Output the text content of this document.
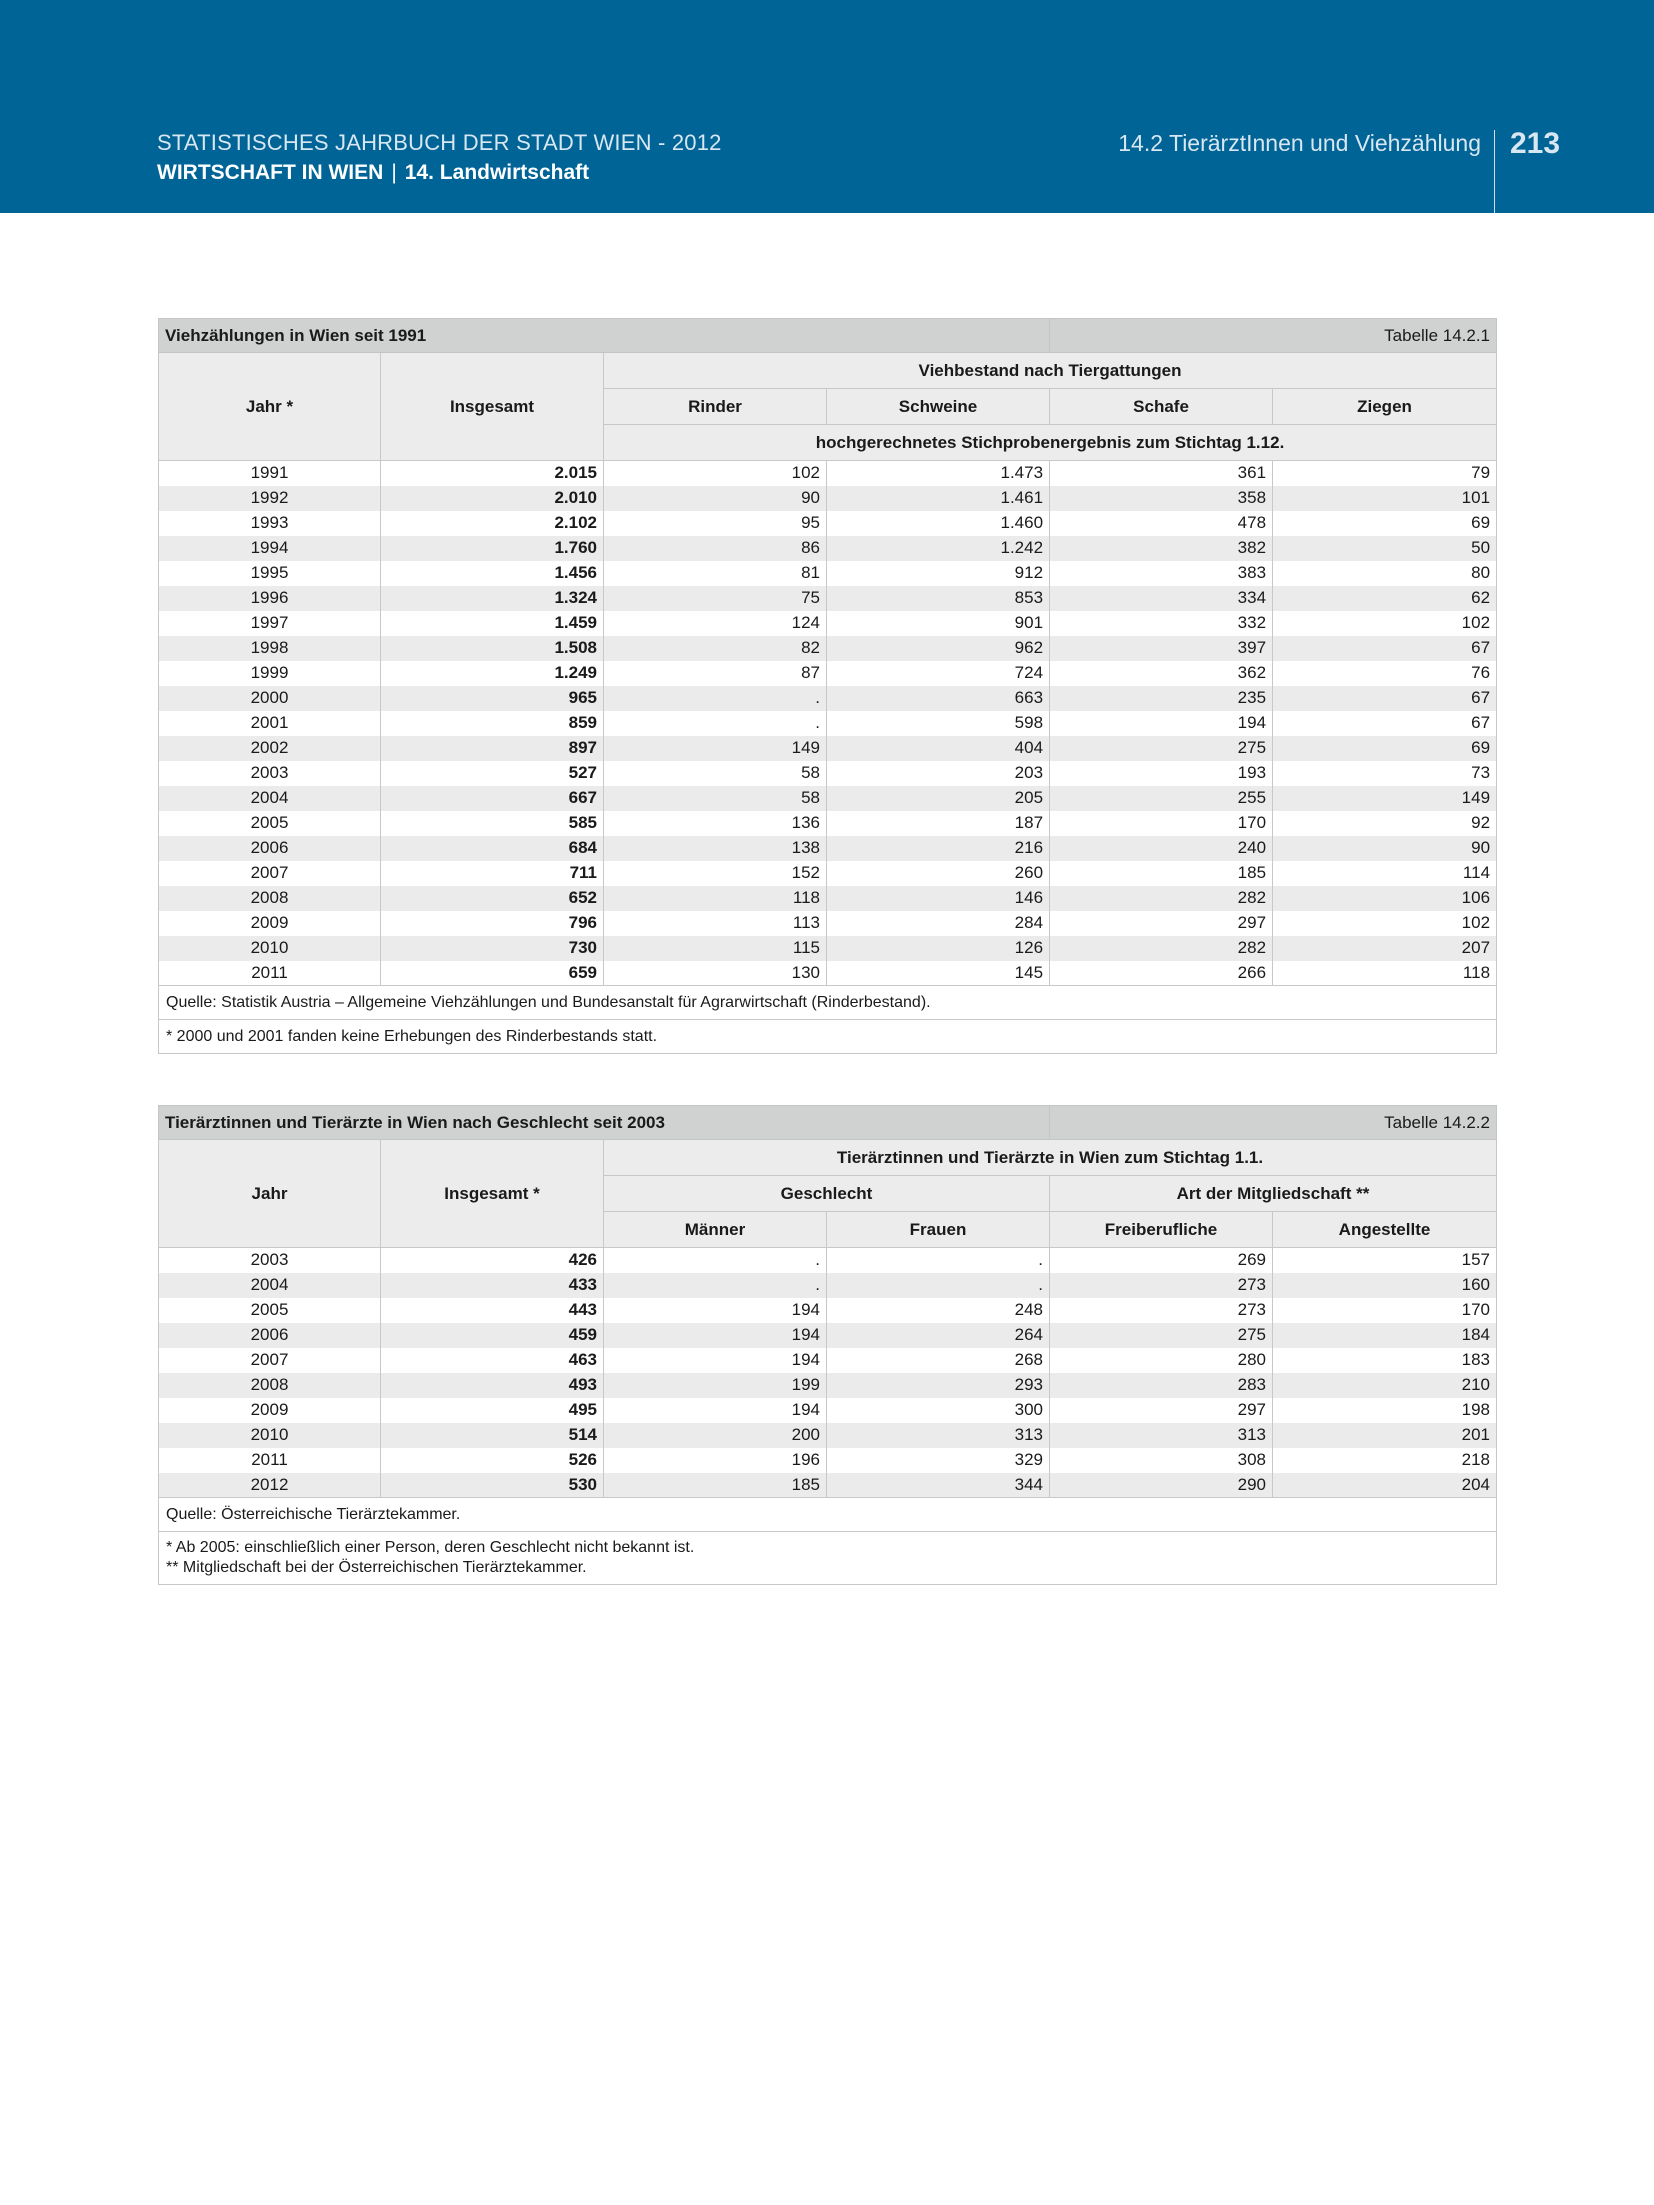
STATISTISCHES JAHRBUCH DER STADT WIEN - 2012
WIRTSCHAFT IN WIEN | 14. Landwirtschaft
14.2 TierärztInnen und Viehzählung 213
Viehzählungen in Wien seit 1991				Tabelle 14.2.1	
Jahr *	Insgesamt	Viehbestand nach Tiergattungen			
		Rinder	Schweine	Schafe	Ziegen
		hochgerechnetes Stichprobenergebnis zum Stichtag 1.12.			
1991	2.015	102	1.473	361	79
1992	2.010	90	1.461	358	101
1993	2.102	95	1.460	478	69
1994	1.760	86	1.242	382	50
1995	1.456	81	912	383	80
1996	1.324	75	853	334	62
1997	1.459	124	901	332	102
1998	1.508	82	962	397	67
1999	1.249	87	724	362	76
2000	965	.	663	235	67
2001	859	.	598	194	67
2002	897	149	404	275	69
2003	527	58	203	193	73
2004	667	58	205	255	149
2005	585	136	187	170	92
2006	684	138	216	240	90
2007	711	152	260	185	114
2008	652	118	146	282	106
2009	796	113	284	297	102
2010	730	115	126	282	207
2011	659	130	145	266	118
Quelle: Statistik Austria – Allgemeine Viehzählungen und Bundesanstalt für Agrarwirtschaft (Rinderbestand).					

* 2000 und 2001 fanden keine Erhebungen des Rinderbestands statt.					
Tierärztinnen und Tierärzte in Wien nach Geschlecht seit 2003				Tabelle 14.2.2	
Jahr	Insgesamt *	Tierärztinnen und Tierärzte in Wien zum Stichtag 1.1.			
		Geschlecht		Art der Mitgliedschaft **	
		Männer	Frauen	Freiberufliche	Angestellte
2003	426	.	.	269	157
2004	433	.	.	273	160
2005	443	194	248	273	170
2006	459	194	264	275	184
2007	463	194	268	280	183
2008	493	199	293	283	210
2009	495	194	300	297	198
2010	514	200	313	313	201
2011	526	196	329	308	218
2012	530	185	344	290	204
Quelle: Österreichische Tierärztekammer.					

* Ab 2005: einschließlich einer Person, deren Geschlecht nicht bekannt ist.
** Mitgliedschaft bei der Österreichischen Tierärztekammer.					
